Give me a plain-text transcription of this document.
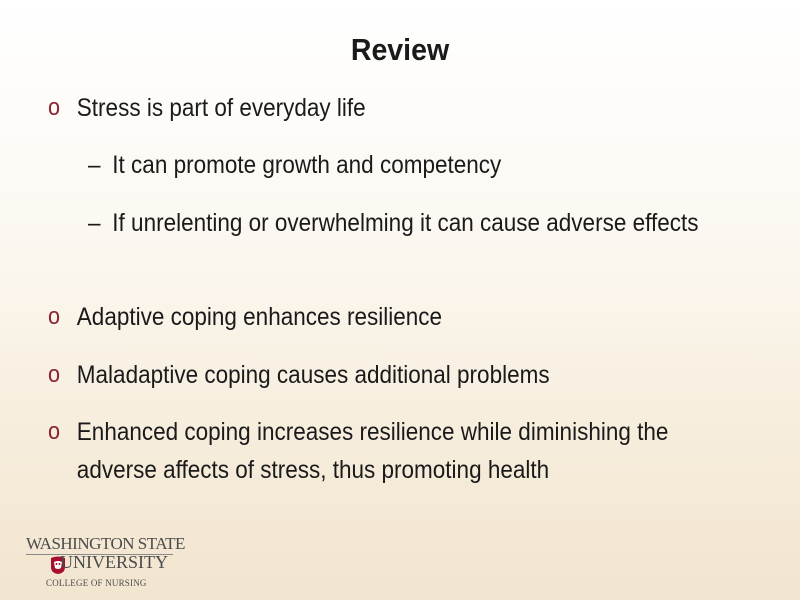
Review
o Stress is part of everyday life
– It can promote growth and competency
– If unrelenting or overwhelming it can cause adverse effects
o Adaptive coping enhances resilience
o Maladaptive coping causes additional problems
o Enhanced coping increases resilience while diminishing the adverse affects of stress, thus promoting health
WASHINGTON STATE
UNIVERSITY
COLLEGE OF NURSING
